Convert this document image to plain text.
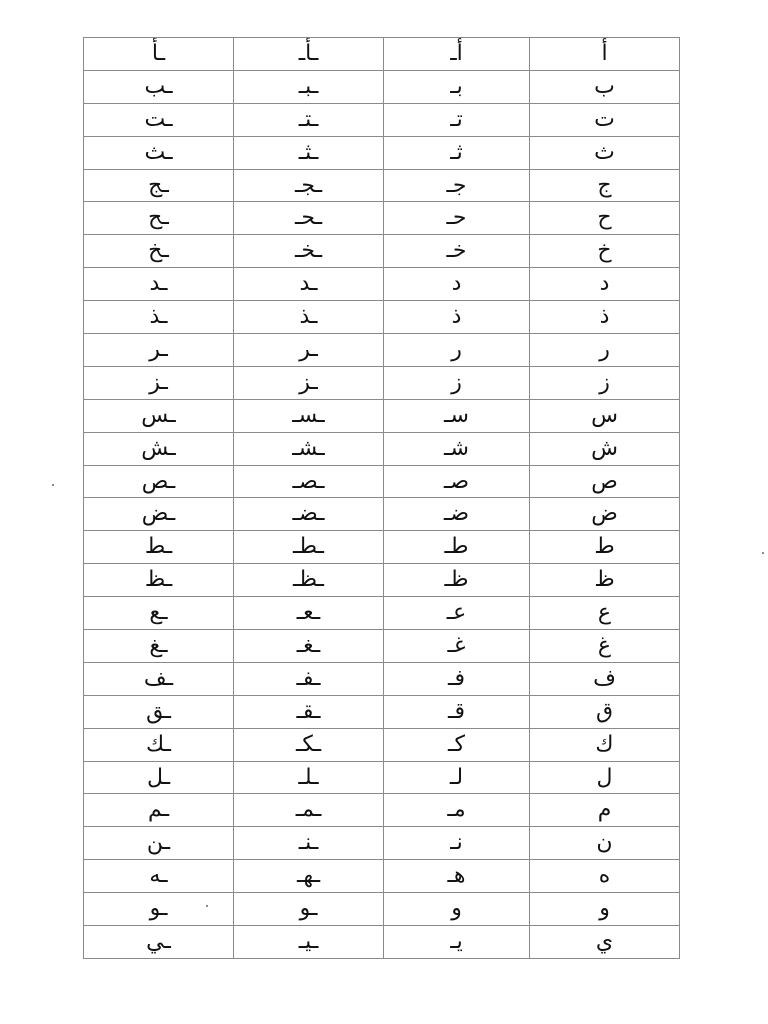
ـأ	ـأـ	أـ	أ
ـب	ـبـ	بـ	ب
ـت	ـتـ	تـ	ت
ـث	ـثـ	ثـ	ث
ـج	ـجـ	جـ	ج
ـح	ـحـ	حـ	ح
ـخ	ـخـ	خـ	خ
ـد	ـد	د	د
ـذ	ـذ	ذ	ذ
ـر	ـر	ر	ر
ـز	ـز	ز	ز
ـس	ـسـ	سـ	س
ـش	ـشـ	شـ	ش
ـص	ـصـ	صـ	ص
ـض	ـضـ	ضـ	ض
ـط	ـطـ	طـ	ط
ـظ	ـظـ	ظـ	ظ
ـع	ـعـ	عـ	ع
ـغ	ـغـ	غـ	غ
ـف	ـفـ	فـ	ف
ـق	ـقـ	قـ	ق
ـك	ـكـ	كـ	ك
ـل	ـلـ	لـ	ل
ـم	ـمـ	مـ	م
ـن	ـنـ	نـ	ن
ـه	ـهـ	هـ	ه
ـو	ـو	و	و
ـي	ـيـ	يـ	ي
